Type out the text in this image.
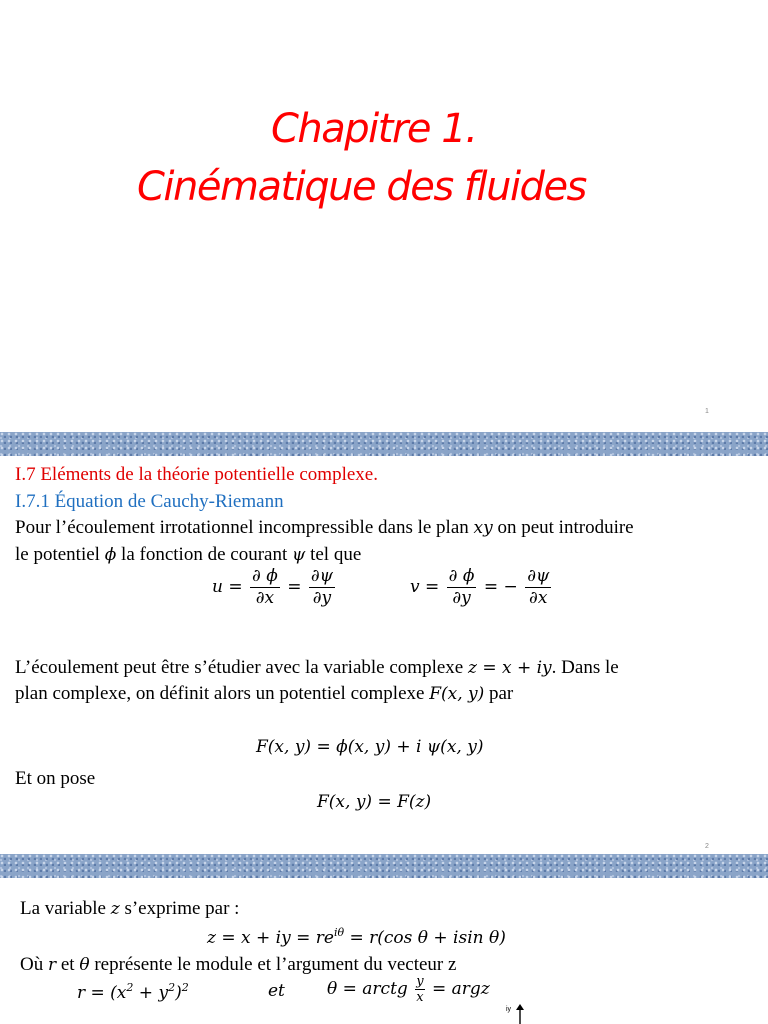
Chapitre 1.
Cinématique des fluides
1
I.7 Eléments de la théorie potentielle complexe.
I.7.1 Équation de Cauchy-Riemann
Pour l’écoulement irrotationnel incompressible dans le plan xy on peut introduire
le potentiel ϕ la fonction de courant ψ tel que
$u = \frac{\partial \phi}{\partial x} = \frac{\partial\psi}{\partial y}$	$v = \frac{\partial \phi}{\partial y}$ = − $\frac{\partial\psi}{\partial x}$
L’écoulement peut être s’étudier avec la variable complexe z = x + iy. Dans le
plan complexe, on définit alors un potentiel complexe F(x, y) par
F(x, y) = ϕ(x, y) + i ψ(x, y)
Et on pose
F(x, y) = F(z)
2
La variable z s’exprime par :
z = x + iy = $re^{i\theta} = r(\cos$ θ + isin θ)
Où r et θ représente le module et l’argument du vecteur z
$r = (x^2 + y^2)^2$	et θ = arctg $\frac{y}{x}$ = argz
iy
